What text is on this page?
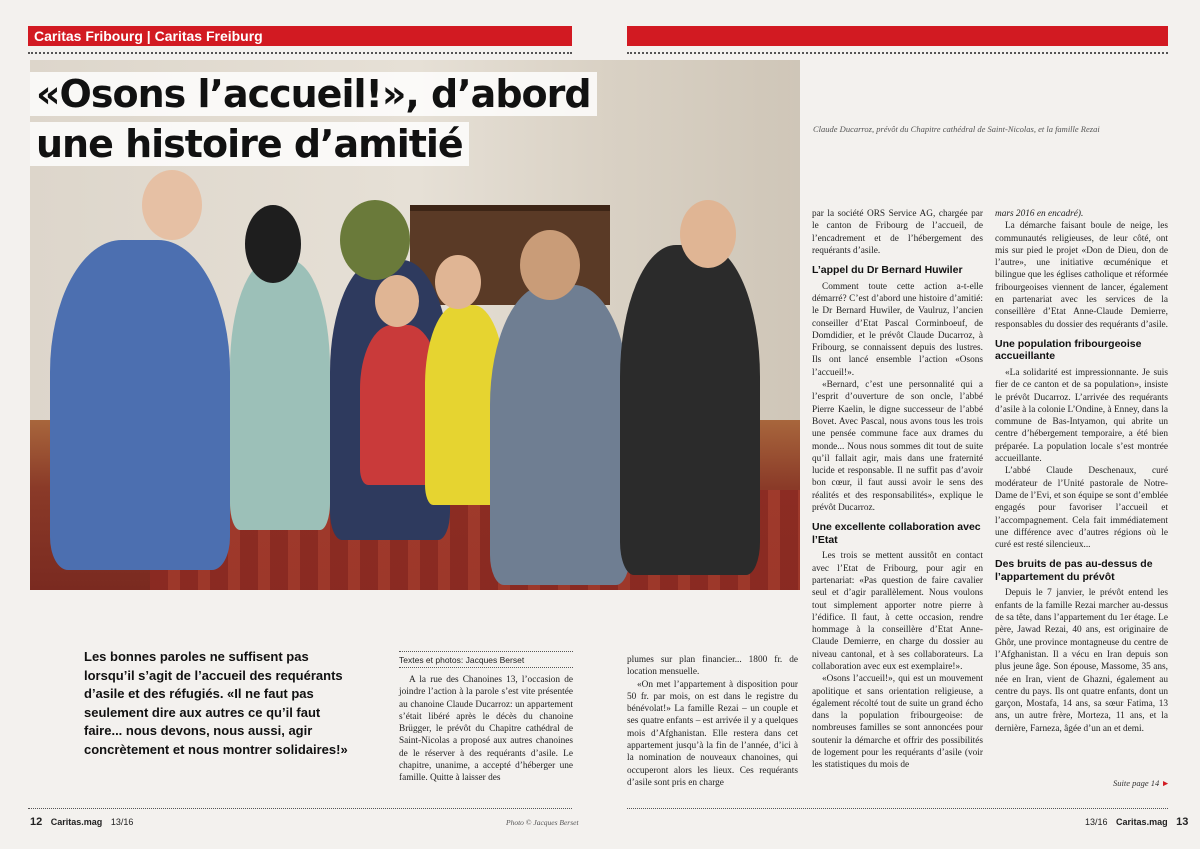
Caritas Fribourg | Caritas Freiburg
«Osons l’accueil!», d’abord
une histoire d’amitié	Claude Ducarroz, prévôt du Chapitre cathédral de Saint-Nicolas, et la famille Rezai
Les bonnes paroles ne suffisent pas lorsqu’il s’agit de l’accueil des requérants d’asile et des réfugiés. «Il ne faut pas seulement dire aux autres ce qu’il faut faire... nous devons, nous aussi, agir concrètement et nous montrer solidaires!»
Textes et photos: Jacques Berset

A la rue des Chanoines 13, l’occasion de joindre l’action à la parole s’est vite présentée au chanoine Claude Ducarroz: un appartement s’était libéré après le décès du chanoine Brügger, le prévôt du Chapitre cathédral de Saint-Nicolas a proposé aux autres chanoines de le réserver à des requérants d’asile. Le chapitre, unanime, a accepté d’héberger une famille. Quitte à laisser des

plumes sur plan financier... 1800 fr. de location mensuelle.

«On met l’appartement à disposition pour 50 fr. par mois, on est dans le registre du bénévolat!» La famille Rezai – un couple et ses quatre enfants – est arrivée il y a quelques mois d’Afghanistan. Elle restera dans cet appartement jusqu’à la fin de l’année, d’ici à la nomination de nouveaux chanoines, qui occuperont alors les lieux. Ces requérants d’asile sont pris en charge

par la société ORS Service AG, chargée par le canton de Fribourg de l’accueil, de l’encadrement et de l’hébergement des requérants d’asile.

L’appel du Dr Bernard Huwiler

Comment toute cette action a-t-elle démarré? C’est d’abord une histoire d’amitié: le Dr Bernard Huwiler, de Vaulruz, l’ancien conseiller d’Etat Pascal Corminboeuf, de Domdidier, et le prévôt Claude Ducarroz, à Fribourg, se connaissent depuis des lustres. Ils ont lancé ensemble l’action «Osons l’accueil!».

«Bernard, c’est une personnalité qui a l’esprit d’ouverture de son oncle, l’abbé Pierre Kaelin, le digne successeur de l’abbé Bovet. Avec Pascal, nous avons tous les trois une pensée commune face aux drames du monde... Nous nous sommes dit tout de suite qu’il fallait agir, mais dans une fraternité lucide et responsable. Il ne suffit pas d’avoir bon cœur, il faut aussi avoir le sens des réalités et des responsabilités», explique le prévôt Ducarroz.

Une excellente collaboration avec l’Etat

Les trois se mettent aussitôt en contact avec l’Etat de Fribourg, pour agir en partenariat: «Pas question de faire cavalier seul et d’agir parallèlement. Nous voulons tout simplement apporter notre pierre à l’édifice. Il faut, à cette occasion, rendre hommage à la conseillère d’Etat Anne-Claude Demierre, en charge du dossier au niveau cantonal, et à ses collaborateurs. La collaboration avec eux est exemplaire!».

«Osons l’accueil!», qui est un mouvement apolitique et sans orientation religieuse, a également récolté tout de suite un grand écho dans la population fribourgeoise: de nombreuses familles se sont annoncées pour soutenir la démarche et offrir des possibilités de logement pour les requérants d’asile (voir les statistiques du mois de

mars 2016 en encadré).

La démarche faisant boule de neige, les communautés religieuses, de leur côté, ont mis sur pied le projet «Don de Dieu, don de l’autre», une initiative œcuménique et bilingue que les églises catholique et réformée fribourgeoises viennent de lancer, également en partenariat avec les services de la conseillère d’Etat Anne-Claude Demierre, responsables du dossier des requérants d’asile.

Une population fribourgeoise accueillante

«La solidarité est impressionnante. Je suis fier de ce canton et de sa population», insiste le prévôt Ducarroz. L’arrivée des requérants d’asile à la colonie L’Ondine, à Enney, dans la commune de Bas-Intyamon, qui abrite un centre d’hébergement temporaire, a été bien préparée. La population locale s’est montrée accueillante.

L’abbé Claude Deschenaux, curé modérateur de l’Unité pastorale de Notre-Dame de l’Evi, et son équipe se sont d’emblée engagés pour favoriser l’accueil et l’accompagnement. Cela fait immédiatement une différence avec d’autres régions où le curé est resté silencieux...

Des bruits de pas au-dessus de l’appartement du prévôt

Depuis le 7 janvier, le prévôt entend les enfants de la famille Rezai marcher au-dessus de sa tête, dans l’appartement du 1er étage. Le père, Jawad Rezai, 40 ans, est originaire de Ghôr, une province montagneuse du centre de l’Afghanistan. Il a vécu en Iran depuis son plus jeune âge. Son épouse, Massome, 35 ans, née en Iran, vient de Ghazni, également au centre du pays. Ils ont quatre enfants, dont un garçon, Mostafa, 14 ans, sa sœur Fatima, 13 ans, un autre frère, Morteza, 11 ans, et la dernière, Farneza, âgée d’un an et demi.

Suite page 14 ►
12 Caritas.mag 13/16	Photo © Jacques Berset	13/16 Caritas.mag 13
